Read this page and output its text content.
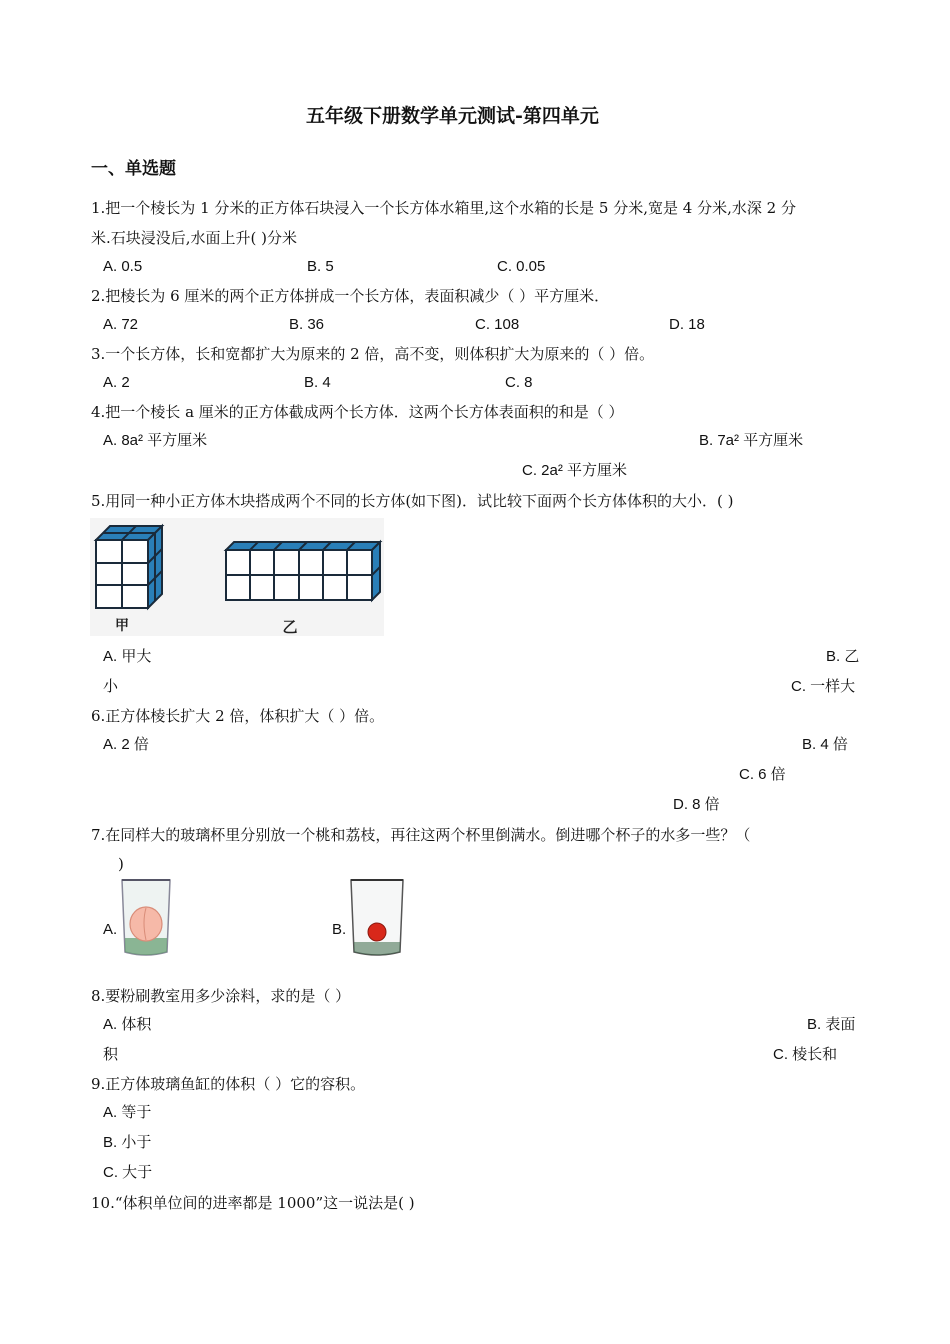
五年级下册数学单元测试-第四单元
一、单选题
1.把一个棱长为 1 分米的正方体石块浸入一个长方体水箱里,这个水箱的长是 5 分米,宽是 4 分米,水深 2 分
米.石块浸没后,水面上升( )分米
A. 0.5	B. 5	C. 0.05
2.把棱长为 6 厘米的两个正方体拼成一个长方体，表面积减少（ ）平方厘米．
A. 72	B. 36	C. 108	D. 18
3.一个长方体，长和宽都扩大为原来的 2 倍，高不变，则体积扩大为原来的（ ）倍。
A. 2	B. 4	C. 8
4.把一个棱长 a 厘米的正方体截成两个长方体．这两个长方体表面积的和是（ ）
A. 8a² 平方厘米	B. 7a² 平方厘米
C. 2a² 平方厘米
5.用同一种小正方体木块搭成两个不同的长方体(如下图)．试比较下面两个长方体体积的大小．( )
甲	乙
A. 甲大	B. 乙
小	C. 一样大
6.正方体棱长扩大 2 倍，体积扩大（ ）倍。
A. 2 倍	B. 4 倍
C. 6 倍
D. 8 倍
7.在同样大的玻璃杯里分别放一个桃和荔枝，再往这两个杯里倒满水。倒进哪个杯子的水多一些？（
)
A.	B.
8.要粉刷教室用多少涂料，求的是（ ）
A. 体积	B. 表面
积	C. 棱长和
9.正方体玻璃鱼缸的体积（ ）它的容积。
A. 等于
B. 小于
C. 大于
10.“体积单位间的进率都是 1000”这一说法是( )
